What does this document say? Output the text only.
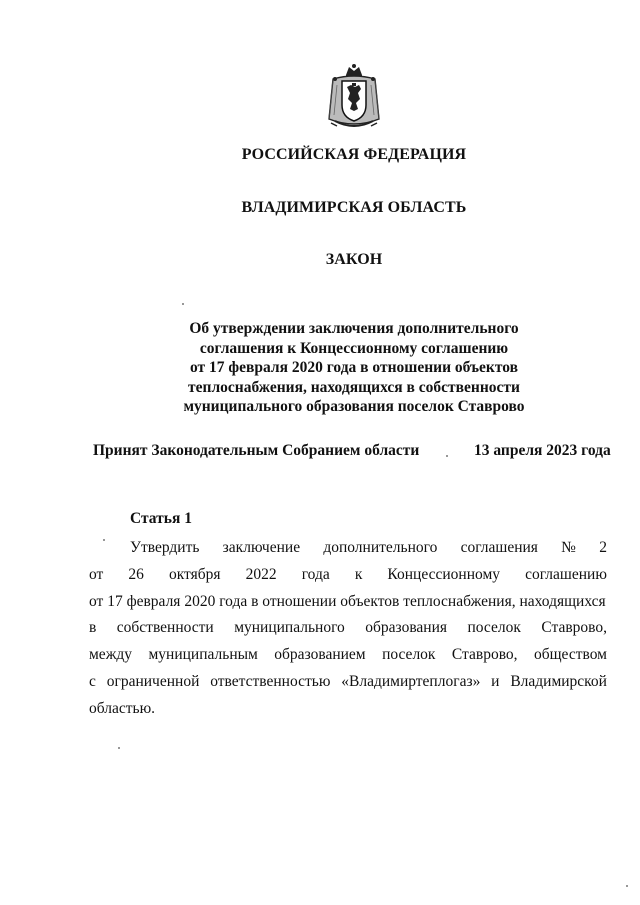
РОССИЙСКАЯ ФЕДЕРАЦИЯ
ВЛАДИМИРСКАЯ ОБЛАСТЬ
ЗАКОН
Об утверждении заключения дополнительного
соглашения к Концессионному соглашению
от 17 февраля 2020 года в отношении объектов
теплоснабжения, находящихся в собственности
муниципального образования поселок Ставрово
Принят Законодательным Собранием области	13 апреля 2023 года
Статья 1
Утвердить заключение дополнительного соглашения № 2
от 26 октября 2022 года к Концессионному соглашению
от 17 февраля 2020 года в отношении объектов теплоснабжения, находящихся
в собственности муниципального образования поселок Ставрово,
между муниципальным образованием поселок Ставрово, обществом
с ограниченной ответственностью «Владимиртеплогаз» и Владимирской
областью.
